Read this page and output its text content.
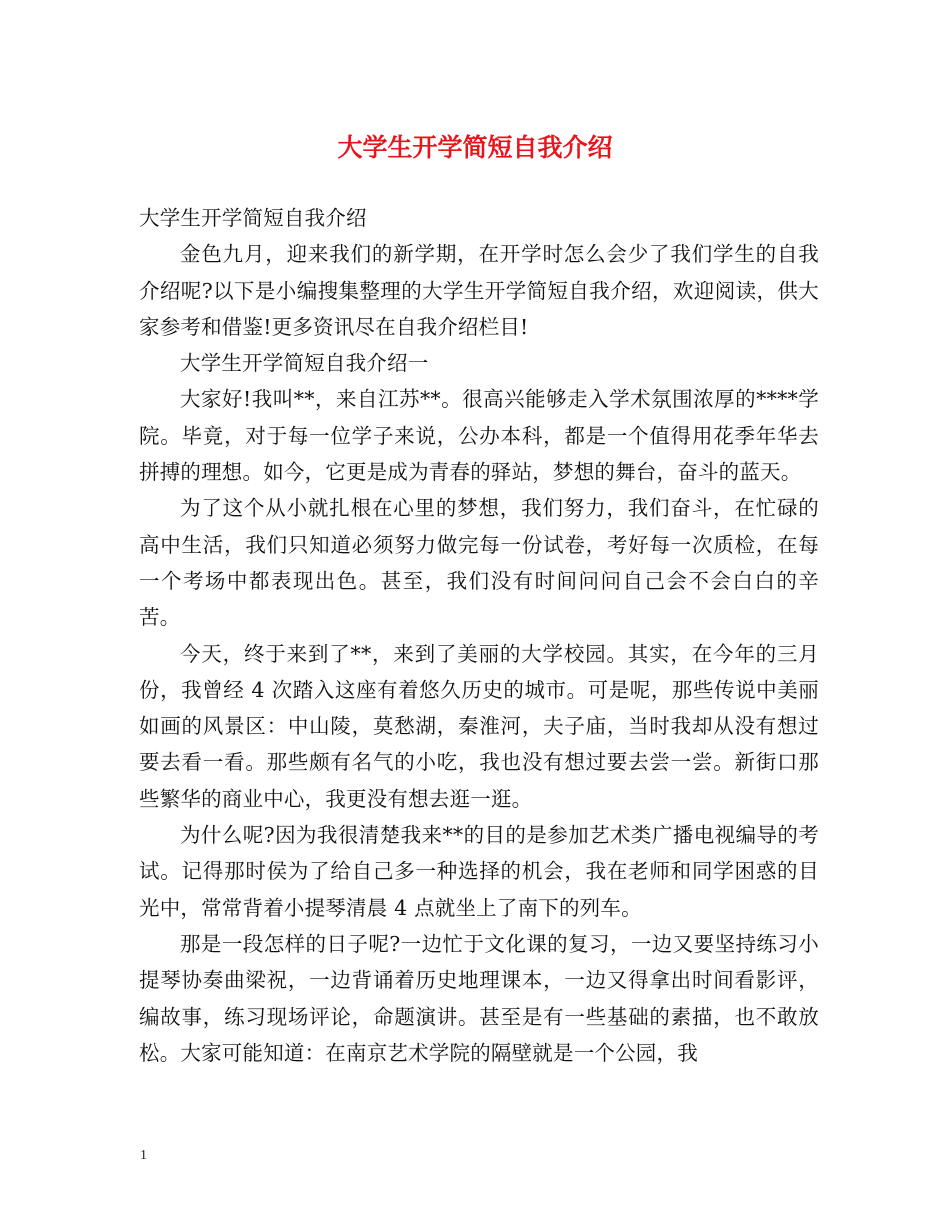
大学生开学简短自我介绍

大学生开学简短自我介绍

金色九月，迎来我们的新学期，在开学时怎么会少了我们学生的自我介绍呢?以下是小编搜集整理的大学生开学简短自我介绍，欢迎阅读，供大家参考和借鉴!更多资讯尽在自我介绍栏目!

大学生开学简短自我介绍一

大家好!我叫**，来自江苏**。很高兴能够走入学术氛围浓厚的****学院。毕竟，对于每一位学子来说，公办本科，都是一个值得用花季年华去拼搏的理想。如今，它更是成为青春的驿站，梦想的舞台，奋斗的蓝天。

为了这个从小就扎根在心里的梦想，我们努力，我们奋斗，在忙碌的高中生活，我们只知道必须努力做完每一份试卷，考好每一次质检，在每一个考场中都表现出色。甚至，我们没有时间问问自己会不会白白的辛苦。

今天，终于来到了**，来到了美丽的大学校园。其实，在今年的三月份，我曾经 4 次踏入这座有着悠久历史的城市。可是呢，那些传说中美丽如画的风景区：中山陵，莫愁湖，秦淮河，夫子庙，当时我却从没有想过要去看一看。那些颇有名气的小吃，我也没有想过要去尝一尝。新街口那些繁华的商业中心，我更没有想去逛一逛。

为什么呢?因为我很清楚我来**的目的是参加艺术类广播电视编导的考试。记得那时侯为了给自己多一种选择的机会，我在老师和同学困惑的目光中，常常背着小提琴清晨 4 点就坐上了南下的列车。

那是一段怎样的日子呢?一边忙于文化课的复习，一边又要坚持练习小提琴协奏曲梁祝，一边背诵着历史地理课本，一边又得拿出时间看影评，编故事，练习现场评论，命题演讲。甚至是有一些基础的素描，也不敢放松。大家可能知道：在南京艺术学院的隔壁就是一个公园，我

1
